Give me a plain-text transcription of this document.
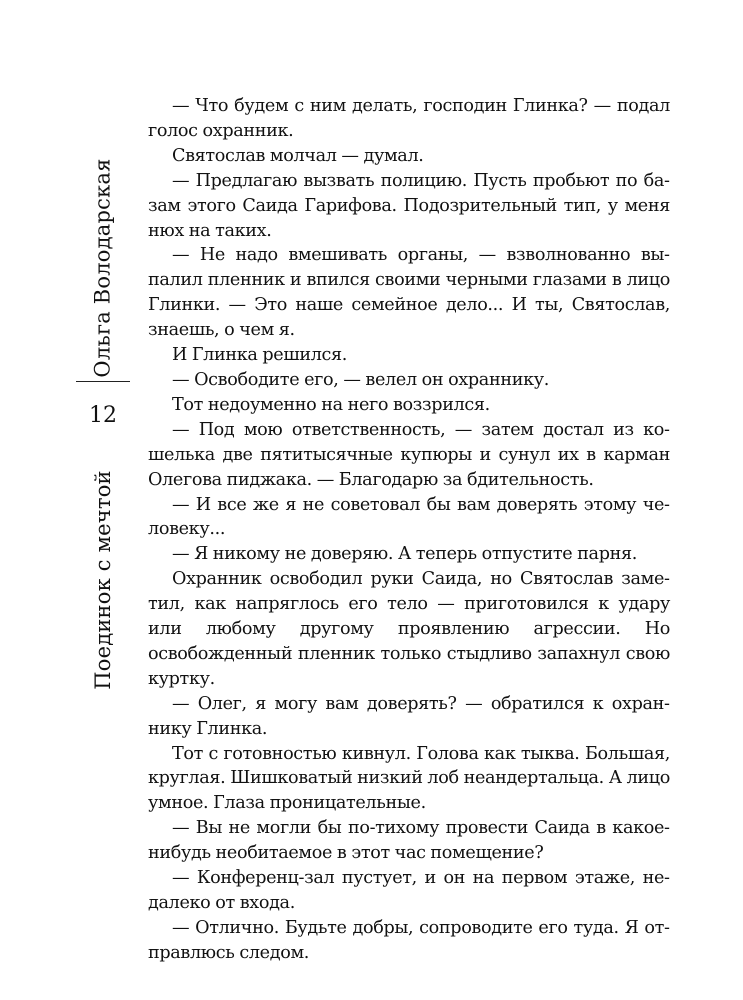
Ольга Володарская
12
Поединок с мечтой

— Что будем с ним делать, господин Глинка? — подал голос охранник.

Святослав молчал — думал.

— Предлагаю вызвать полицию. Пусть пробьют по базам этого Саида Гарифова. Подозрительный тип, у меня нюх на таких.

— Не надо вмешивать органы, — взволнованно выпалил пленник и впился своими черными глазами в лицо Глинки. — Это наше семейное дело... И ты, Святослав, знаешь, о чем я.

И Глинка решился.

— Освободите его, — велел он охраннику.

Тот недоуменно на него воззрился.

— Под мою ответственность, — затем достал из кошелька две пятитысячные купюры и сунул их в карман Олегова пиджака. — Благодарю за бдительность.

— И все же я не советовал бы вам доверять этому человеку...

— Я никому не доверяю. А теперь отпустите парня.

Охранник освободил руки Саида, но Святослав заметил, как напряглось его тело — приготовился к удару или любому другому проявлению агрессии. Но освобожденный пленник только стыдливо запахнул свою куртку.

— Олег, я могу вам доверять? — обратился к охраннику Глинка.

Тот с готовностью кивнул. Голова как тыква. Большая, круглая. Шишковатый низкий лоб неандертальца. А лицо умное. Глаза проницательные.

— Вы не могли бы по-тихому провести Саида в какоенибудь необитаемое в этот час помещение?

— Конференц-зал пустует, и он на первом этаже, недалеко от входа.

— Отлично. Будьте добры, сопроводите его туда. Я отправлюсь следом.
